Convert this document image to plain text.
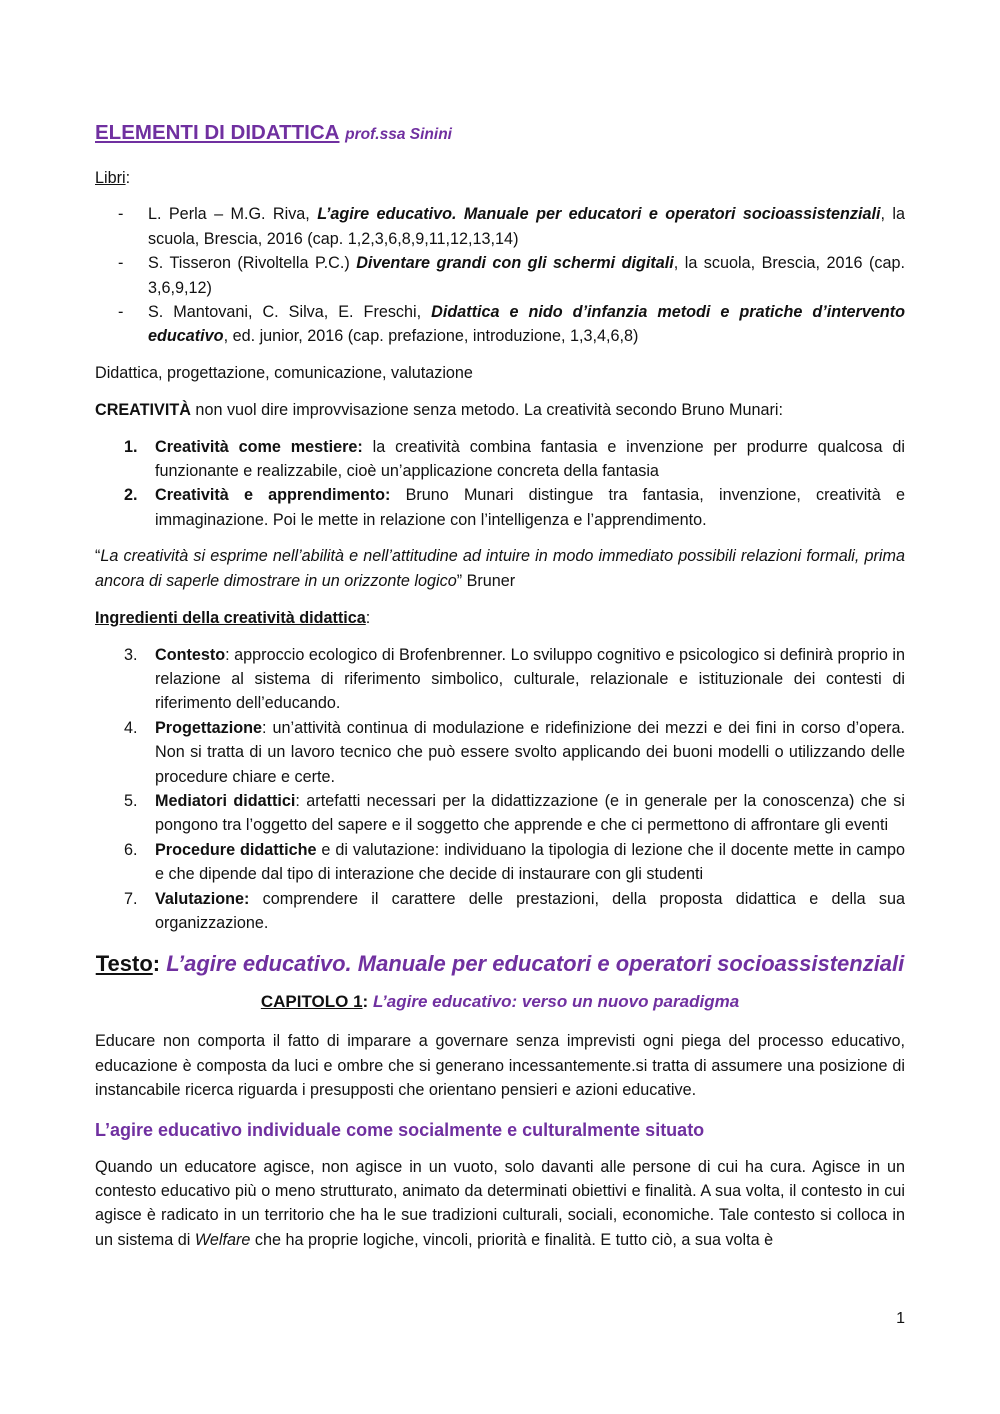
ELEMENTI DI DIDATTICA prof.ssa Sinini

Libri:

- L. Perla – M.G. Riva, L’agire educativo. Manuale per educatori e operatori socioassistenziali, la scuola, Brescia, 2016 (cap. 1,2,3,6,8,9,11,12,13,14)
- S. Tisseron (Rivoltella P.C.) Diventare grandi con gli schermi digitali, la scuola, Brescia, 2016 (cap. 3,6,9,12)
- S. Mantovani, C. Silva, E. Freschi, Didattica e nido d’infanzia metodi e pratiche d’intervento educativo, ed. junior, 2016 (cap. prefazione, introduzione, 1,3,4,6,8)

Didattica, progettazione, comunicazione, valutazione

CREATIVITÀ non vuol dire improvvisazione senza metodo. La creatività secondo Bruno Munari:

1. Creatività come mestiere: la creatività combina fantasia e invenzione per produrre qualcosa di funzionante e realizzabile, cioè un’applicazione concreta della fantasia
2. Creatività e apprendimento: Bruno Munari distingue tra fantasia, invenzione, creatività e immaginazione. Poi le mette in relazione con l’intelligenza e l’apprendimento.

“La creatività si esprime nell’abilità e nell’attitudine ad intuire in modo immediato possibili relazioni formali, prima ancora di saperle dimostrare in un orizzonte logico” Bruner

Ingredienti della creatività didattica:

3. Contesto: approccio ecologico di Brofenbrenner. Lo sviluppo cognitivo e psicologico si definirà proprio in relazione al sistema di riferimento simbolico, culturale, relazionale e istituzionale dei contesti di riferimento dell’educando.
4. Progettazione: un’attività continua di modulazione e ridefinizione dei mezzi e dei fini in corso d’opera. Non si tratta di un lavoro tecnico che può essere svolto applicando dei buoni modelli o utilizzando delle procedure chiare e certe.
5. Mediatori didattici: artefatti necessari per la didattizzazione (e in generale per la conoscenza) che si pongono tra l’oggetto del sapere e il soggetto che apprende e che ci permettono di affrontare gli eventi
6. Procedure didattiche e di valutazione: individuano la tipologia di lezione che il docente mette in campo e che dipende dal tipo di interazione che decide di instaurare con gli studenti
7. Valutazione: comprendere il carattere delle prestazioni, della proposta didattica e della sua organizzazione.

Testo: L’agire educativo. Manuale per educatori e operatori socioassistenziali

CAPITOLO 1: L’agire educativo: verso un nuovo paradigma

Educare non comporta il fatto di imparare a governare senza imprevisti ogni piega del processo educativo, educazione è composta da luci e ombre che si generano incessantemente.si tratta di assumere una posizione di instancabile ricerca riguarda i presupposti che orientano pensieri e azioni educative.

L’agire educativo individuale come socialmente e culturalmente situato

Quando un educatore agisce, non agisce in un vuoto, solo davanti alle persone di cui ha cura. Agisce in un contesto educativo più o meno strutturato, animato da determinati obiettivi e finalità. A sua volta, il contesto in cui agisce è radicato in un territorio che ha le sue tradizioni culturali, sociali, economiche. Tale contesto si colloca in un sistema di Welfare che ha proprie logiche, vincoli, priorità e finalità. E tutto ciò, a sua volta è

1
